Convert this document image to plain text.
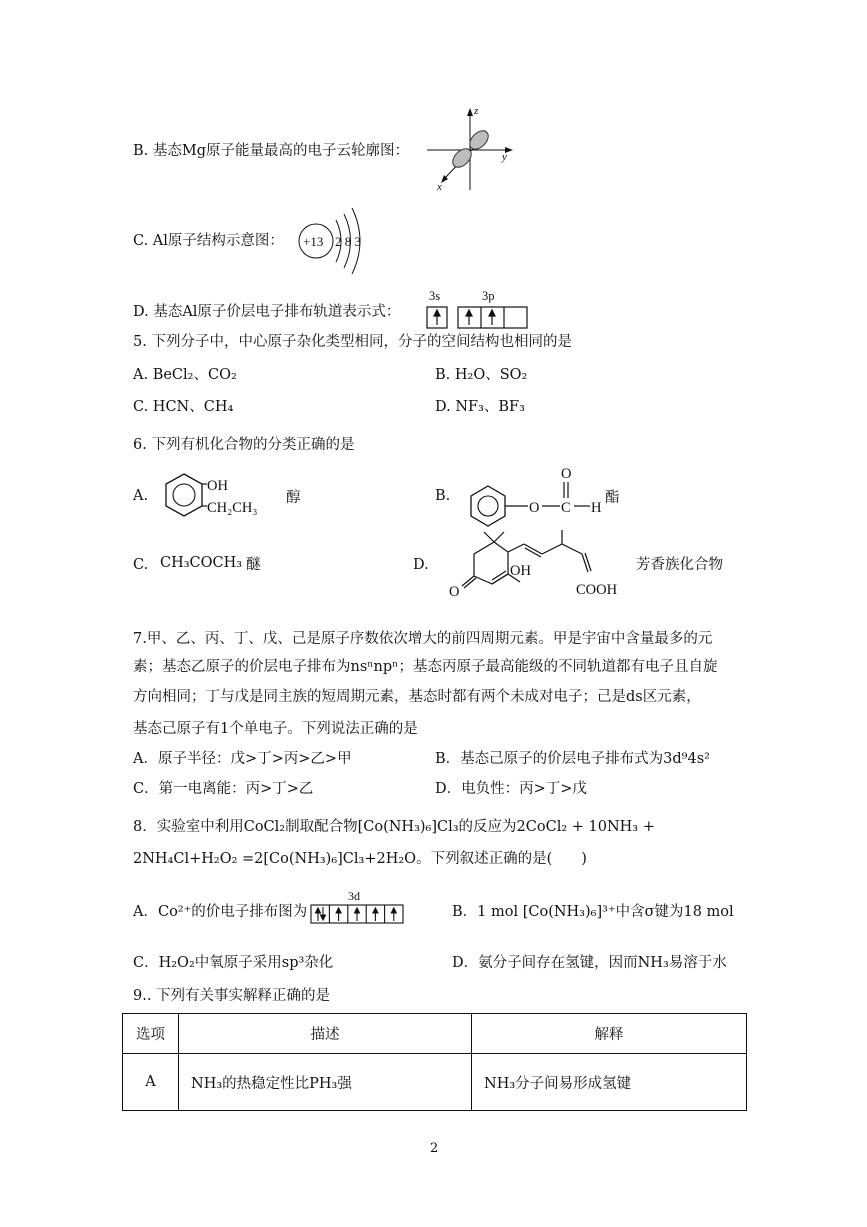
B. 基态Mg原子能量最高的电子云轮廓图：
z
y
x
C. Al原子结构示意图： +13 2 8 3
D. 基态Al原子价层电子排布轨道表示式：
3s	3p
5. 下列分子中，中心原子杂化类型相同，分子的空间结构也相同的是
A. BeCl₂、CO₂	B. H₂O、SO₂
C. HCN、CH₄	D. NF₃、BF₃
6. 下列有机化合物的分类正确的是
A.
OH
CH₂CH₃
醇	B.
O C
O
H
酯
C. CH₃COCH₃ 醚	D.	OH
O	COOH
芳香族化合物
7.甲、乙、丙、丁、戊、己是原子序数依次增大的前四周期元素。甲是宇宙中含量最多的元
素；基态乙原子的价层电子排布为nsⁿnpⁿ；基态丙原子最高能级的不同轨道都有电子且自旋
方向相同；丁与戊是同主族的短周期元素，基态时都有两个未成对电子；己是ds区元素，
基态己原子有1个单电子。下列说法正确的是
A．原子半径：戊>丁>丙>乙>甲	B．基态己原子的价层电子排布式为3d⁹4s²
C．第一电离能：丙>丁>乙	D．电负性：丙>丁>戊
8．实验室中利用CoCl₂制取配合物[Co(NH₃)₆]Cl₃的反应为2CoCl₂ + 10NH₃ +
2NH₄Cl+H₂O₂ =2[Co(NH₃)₆]Cl₃+2H₂O。下列叙述正确的是(　　)
A．Co²⁺的价电子排布图为
3d
B．1 mol [Co(NH₃)₆]³⁺中含σ键为18 mol
C．H₂O₂中氧原子采用sp³杂化	D．氨分子间存在氢键，因而NH₃易溶于水
9.. 下列有关事实解释正确的是
选项	描述	解释
A	NH₃的热稳定性比PH₃强	NH₃分子间易形成氢键
2
